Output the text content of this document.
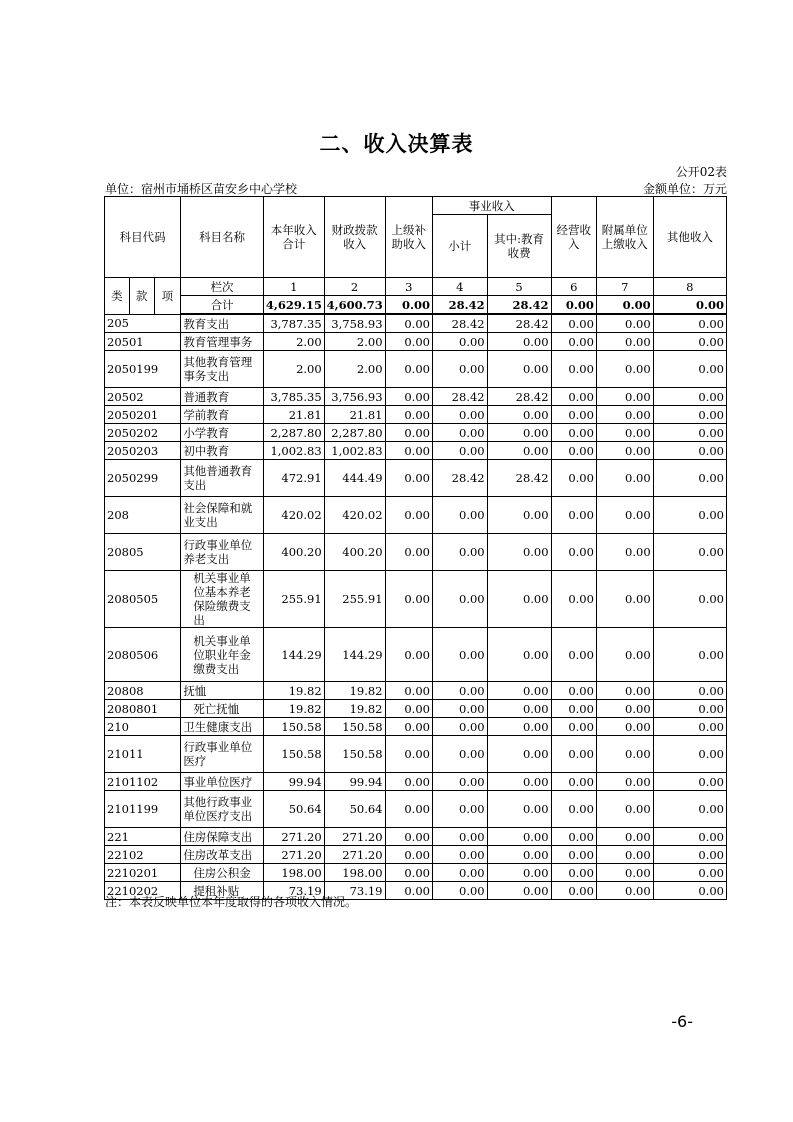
二、收入决算表
公开02表
单位：宿州市埇桥区苗安乡中心学校	金额单位：万元
科目代码			科目名称	本年收入合计	财政拨款收入	上级补助收入	事业收入		经营收入	附属单位上缴收入	其他收入
							小计	其中:教育收费			
类	款	项	栏次	1	2	3	4	5	6	7	8
			合计	4,629.15	4,600.73	0.00	28.42	28.42	0.00	0.00	0.00
205			教育支出	3,787.35	3,758.93	0.00	28.42	28.42	0.00	0.00	0.00
20501			教育管理事务	2.00	2.00	0.00	0.00	0.00	0.00	0.00	0.00
2050199			其他教育管理事务支出	2.00	2.00	0.00	0.00	0.00	0.00	0.00	0.00
20502			普通教育	3,785.35	3,756.93	0.00	28.42	28.42	0.00	0.00	0.00
2050201			学前教育	21.81	21.81	0.00	0.00	0.00	0.00	0.00	0.00
2050202			小学教育	2,287.80	2,287.80	0.00	0.00	0.00	0.00	0.00	0.00
2050203			初中教育	1,002.83	1,002.83	0.00	0.00	0.00	0.00	0.00	0.00
2050299			其他普通教育支出	472.91	444.49	0.00	28.42	28.42	0.00	0.00	0.00
208			社会保障和就业支出	420.02	420.02	0.00	0.00	0.00	0.00	0.00	0.00
20805			行政事业单位养老支出	400.20	400.20	0.00	0.00	0.00	0.00	0.00	0.00
2080505			机关事业单位基本养老保险缴费支出	255.91	255.91	0.00	0.00	0.00	0.00	0.00	0.00
2080506			机关事业单位职业年金缴费支出	144.29	144.29	0.00	0.00	0.00	0.00	0.00	0.00
20808			抚恤	19.82	19.82	0.00	0.00	0.00	0.00	0.00	0.00
2080801			死亡抚恤	19.82	19.82	0.00	0.00	0.00	0.00	0.00	0.00
210			卫生健康支出	150.58	150.58	0.00	0.00	0.00	0.00	0.00	0.00
21011			行政事业单位医疗	150.58	150.58	0.00	0.00	0.00	0.00	0.00	0.00
2101102			事业单位医疗	99.94	99.94	0.00	0.00	0.00	0.00	0.00	0.00
2101199			其他行政事业单位医疗支出	50.64	50.64	0.00	0.00	0.00	0.00	0.00	0.00
221			住房保障支出	271.20	271.20	0.00	0.00	0.00	0.00	0.00	0.00
22102			住房改革支出	271.20	271.20	0.00	0.00	0.00	0.00	0.00	0.00
2210201			住房公积金	198.00	198.00	0.00	0.00	0.00	0.00	0.00	0.00
2210202			提租补贴	73.19	73.19	0.00	0.00	0.00	0.00	0.00	0.00
注：本表反映单位本年度取得的各项收入情况。
-6-
